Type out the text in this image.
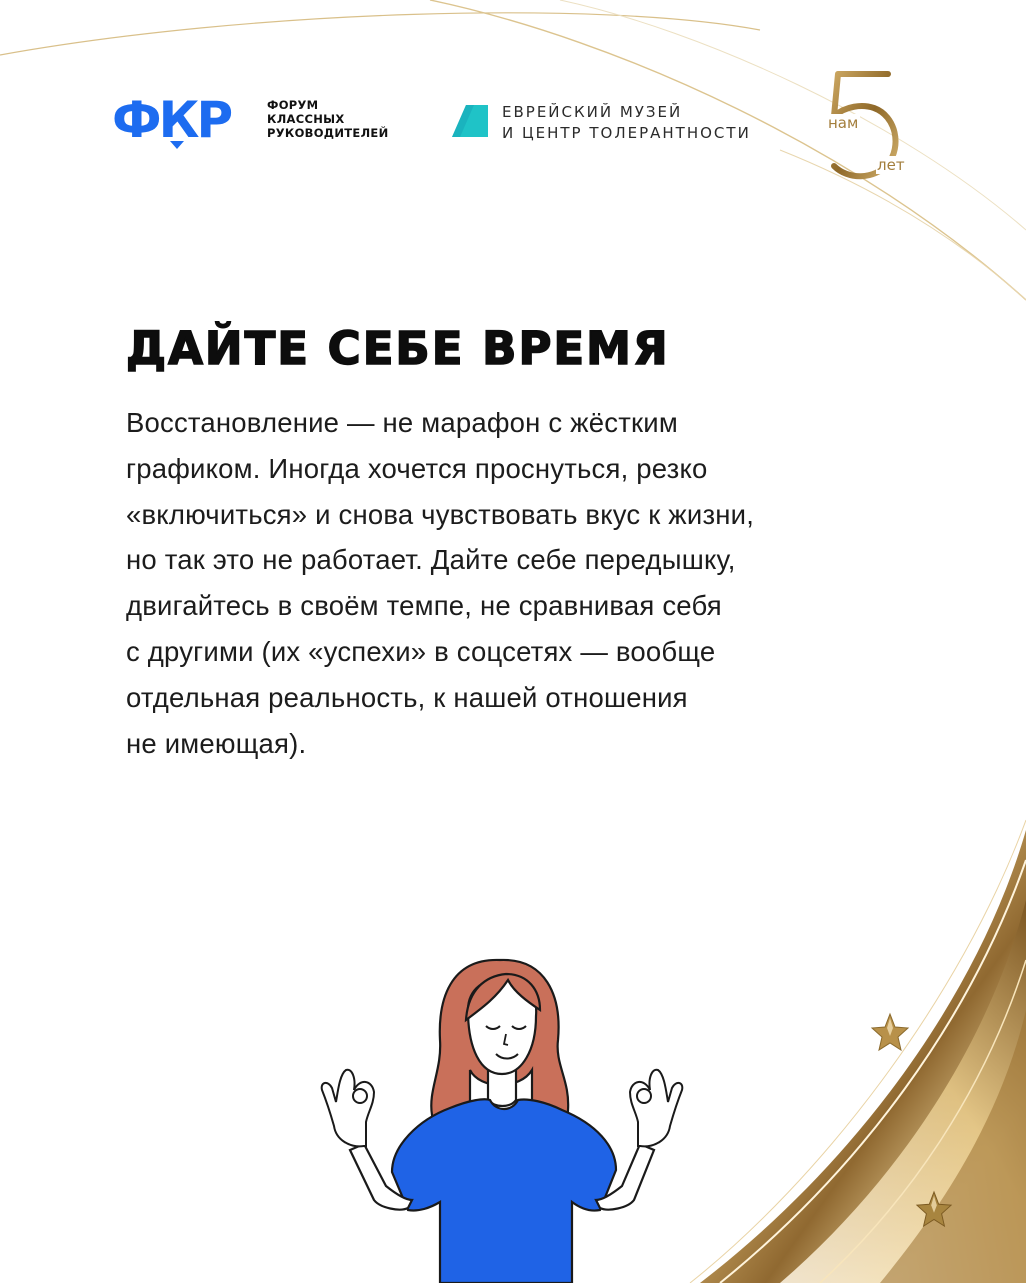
ФКР	ФОРУМ
КЛАССНЫХ
РУКОВОДИТЕЛЕЙ
ЕВРЕЙСКИЙ МУЗЕЙ
И ЦЕНТР ТОЛЕРАНТНОСТИ
нам
лет
ДАЙТЕ СЕБЕ ВРЕМЯ
Восстановление — не марафон с жёстким
графиком. Иногда хочется проснуться, резко
«включиться» и снова чувствовать вкус к жизни,
но так это не работает. Дайте себе передышку,
двигайтесь в своём темпе, не сравнивая себя
с другими (их «успехи» в соцсетях — вообще
отдельная реальность, к нашей отношения
не имеющая).
